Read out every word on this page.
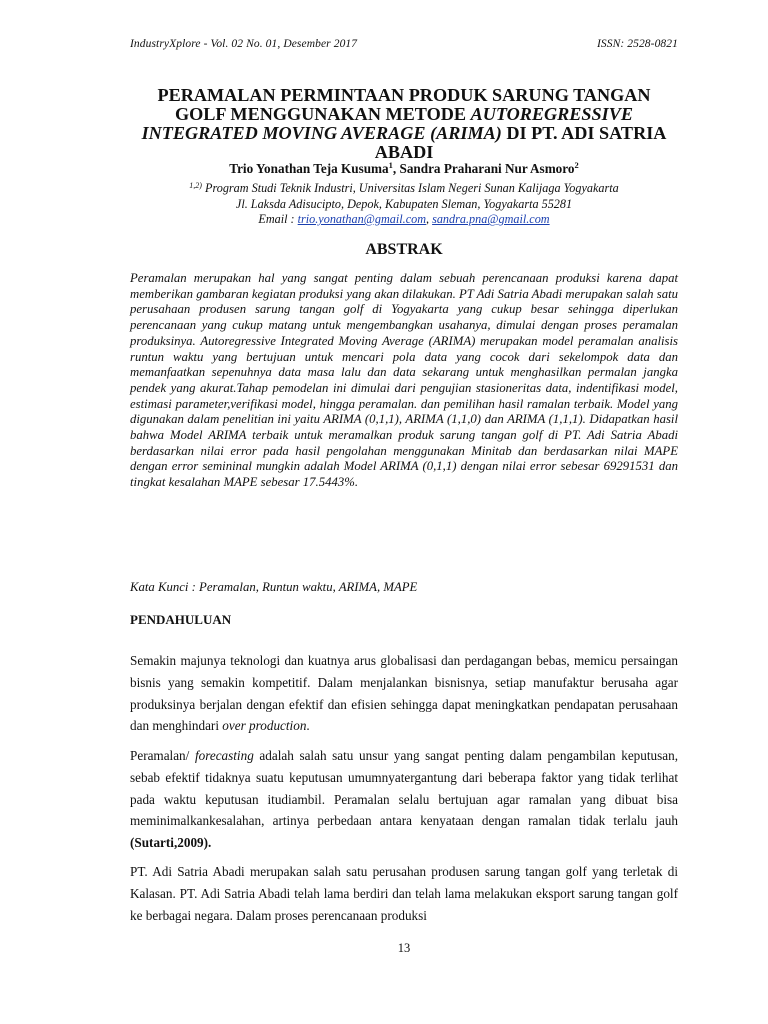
IndustryXplore - Vol. 02 No. 01, Desember 2017	ISSN: 2528-0821
PERAMALAN PERMINTAAN PRODUK SARUNG TANGAN GOLF MENGGUNAKAN METODE AUTOREGRESSIVE INTEGRATED MOVING AVERAGE (ARIMA) DI PT. ADI SATRIA ABADI
Trio Yonathan Teja Kusuma$^1$, Sandra Praharani Nur Asmoro$^2$
$^{1,2)}$ Program Studi Teknik Industri, Universitas Islam Negeri Sunan Kalijaga Yogyakarta
Jl. Laksda Adisucipto, Depok, Kabupaten Sleman, Yogyakarta 55281
Email : trio.yonathan@gmail.com, sandra.pna@gmail.com
ABSTRAK

Peramalan merupakan hal yang sangat penting dalam sebuah perencanaan produksi karena dapat memberikan gambaran kegiatan produksi yang akan dilakukan. PT Adi Satria Abadi merupakan salah satu perusahaan produsen sarung tangan golf di Yogyakarta yang cukup besar sehingga diperlukan perencanaan yang cukup matang untuk mengembangkan usahanya, dimulai dengan proses peramalan produksinya. Autoregressive Integrated Moving Average (ARIMA) merupakan model peramalan analisis runtun waktu yang bertujuan untuk mencari pola data yang cocok dari sekelompok data dan memanfaatkan sepenuhnya data masa lalu dan data sekarang untuk menghasilkan permalan jangka pendek yang akurat.Tahap pemodelan ini dimulai dari pengujian stasioneritas data, indentifikasi model, estimasi parameter,verifikasi model, hingga peramalan. dan pemilihan hasil ramalan terbaik. Model yang digunakan dalam penelitian ini yaitu ARIMA (0,1,1), ARIMA (1,1,0) dan ARIMA (1,1,1). Didapatkan hasil bahwa Model ARIMA terbaik untuk meramalkan produk sarung tangan golf di PT. Adi Satria Abadi berdasarkan nilai error pada hasil pengolahan menggunakan Minitab dan berdasarkan nilai MAPE dengan error semininal mungkin adalah Model ARIMA (0,1,1) dengan nilai error sebesar 69291531 dan tingkat kesalahan MAPE sebesar 17.5443%.

Kata Kunci : Peramalan, Runtun waktu, ARIMA, MAPE

PENDAHULUAN

Semakin majunya teknologi dan kuatnya arus globalisasi dan perdagangan bebas, memicu persaingan bisnis yang semakin kompetitif. Dalam menjalankan bisnisnya, setiap manufaktur berusaha agar produksinya berjalan dengan efektif dan efisien sehingga dapat meningkatkan pendapatan perusahaan dan menghindari over production.

Peramalan/ forecasting adalah salah satu unsur yang sangat penting dalam pengambilan keputusan, sebab efektif tidaknya suatu keputusan umumnyatergantung dari beberapa faktor yang tidak terlihat pada waktu keputusan itudiambil. Peramalan selalu bertujuan agar ramalan yang dibuat bisa meminimalkankesalahan, artinya perbedaan antara kenyataan dengan ramalan tidak terlalu jauh (Sutarti,2009).

PT. Adi Satria Abadi merupakan salah satu perusahan produsen sarung tangan golf yang terletak di Kalasan. PT. Adi Satria Abadi telah lama berdiri dan telah lama melakukan eksport sarung tangan golf ke berbagai negara. Dalam proses perencanaan produksi

13
